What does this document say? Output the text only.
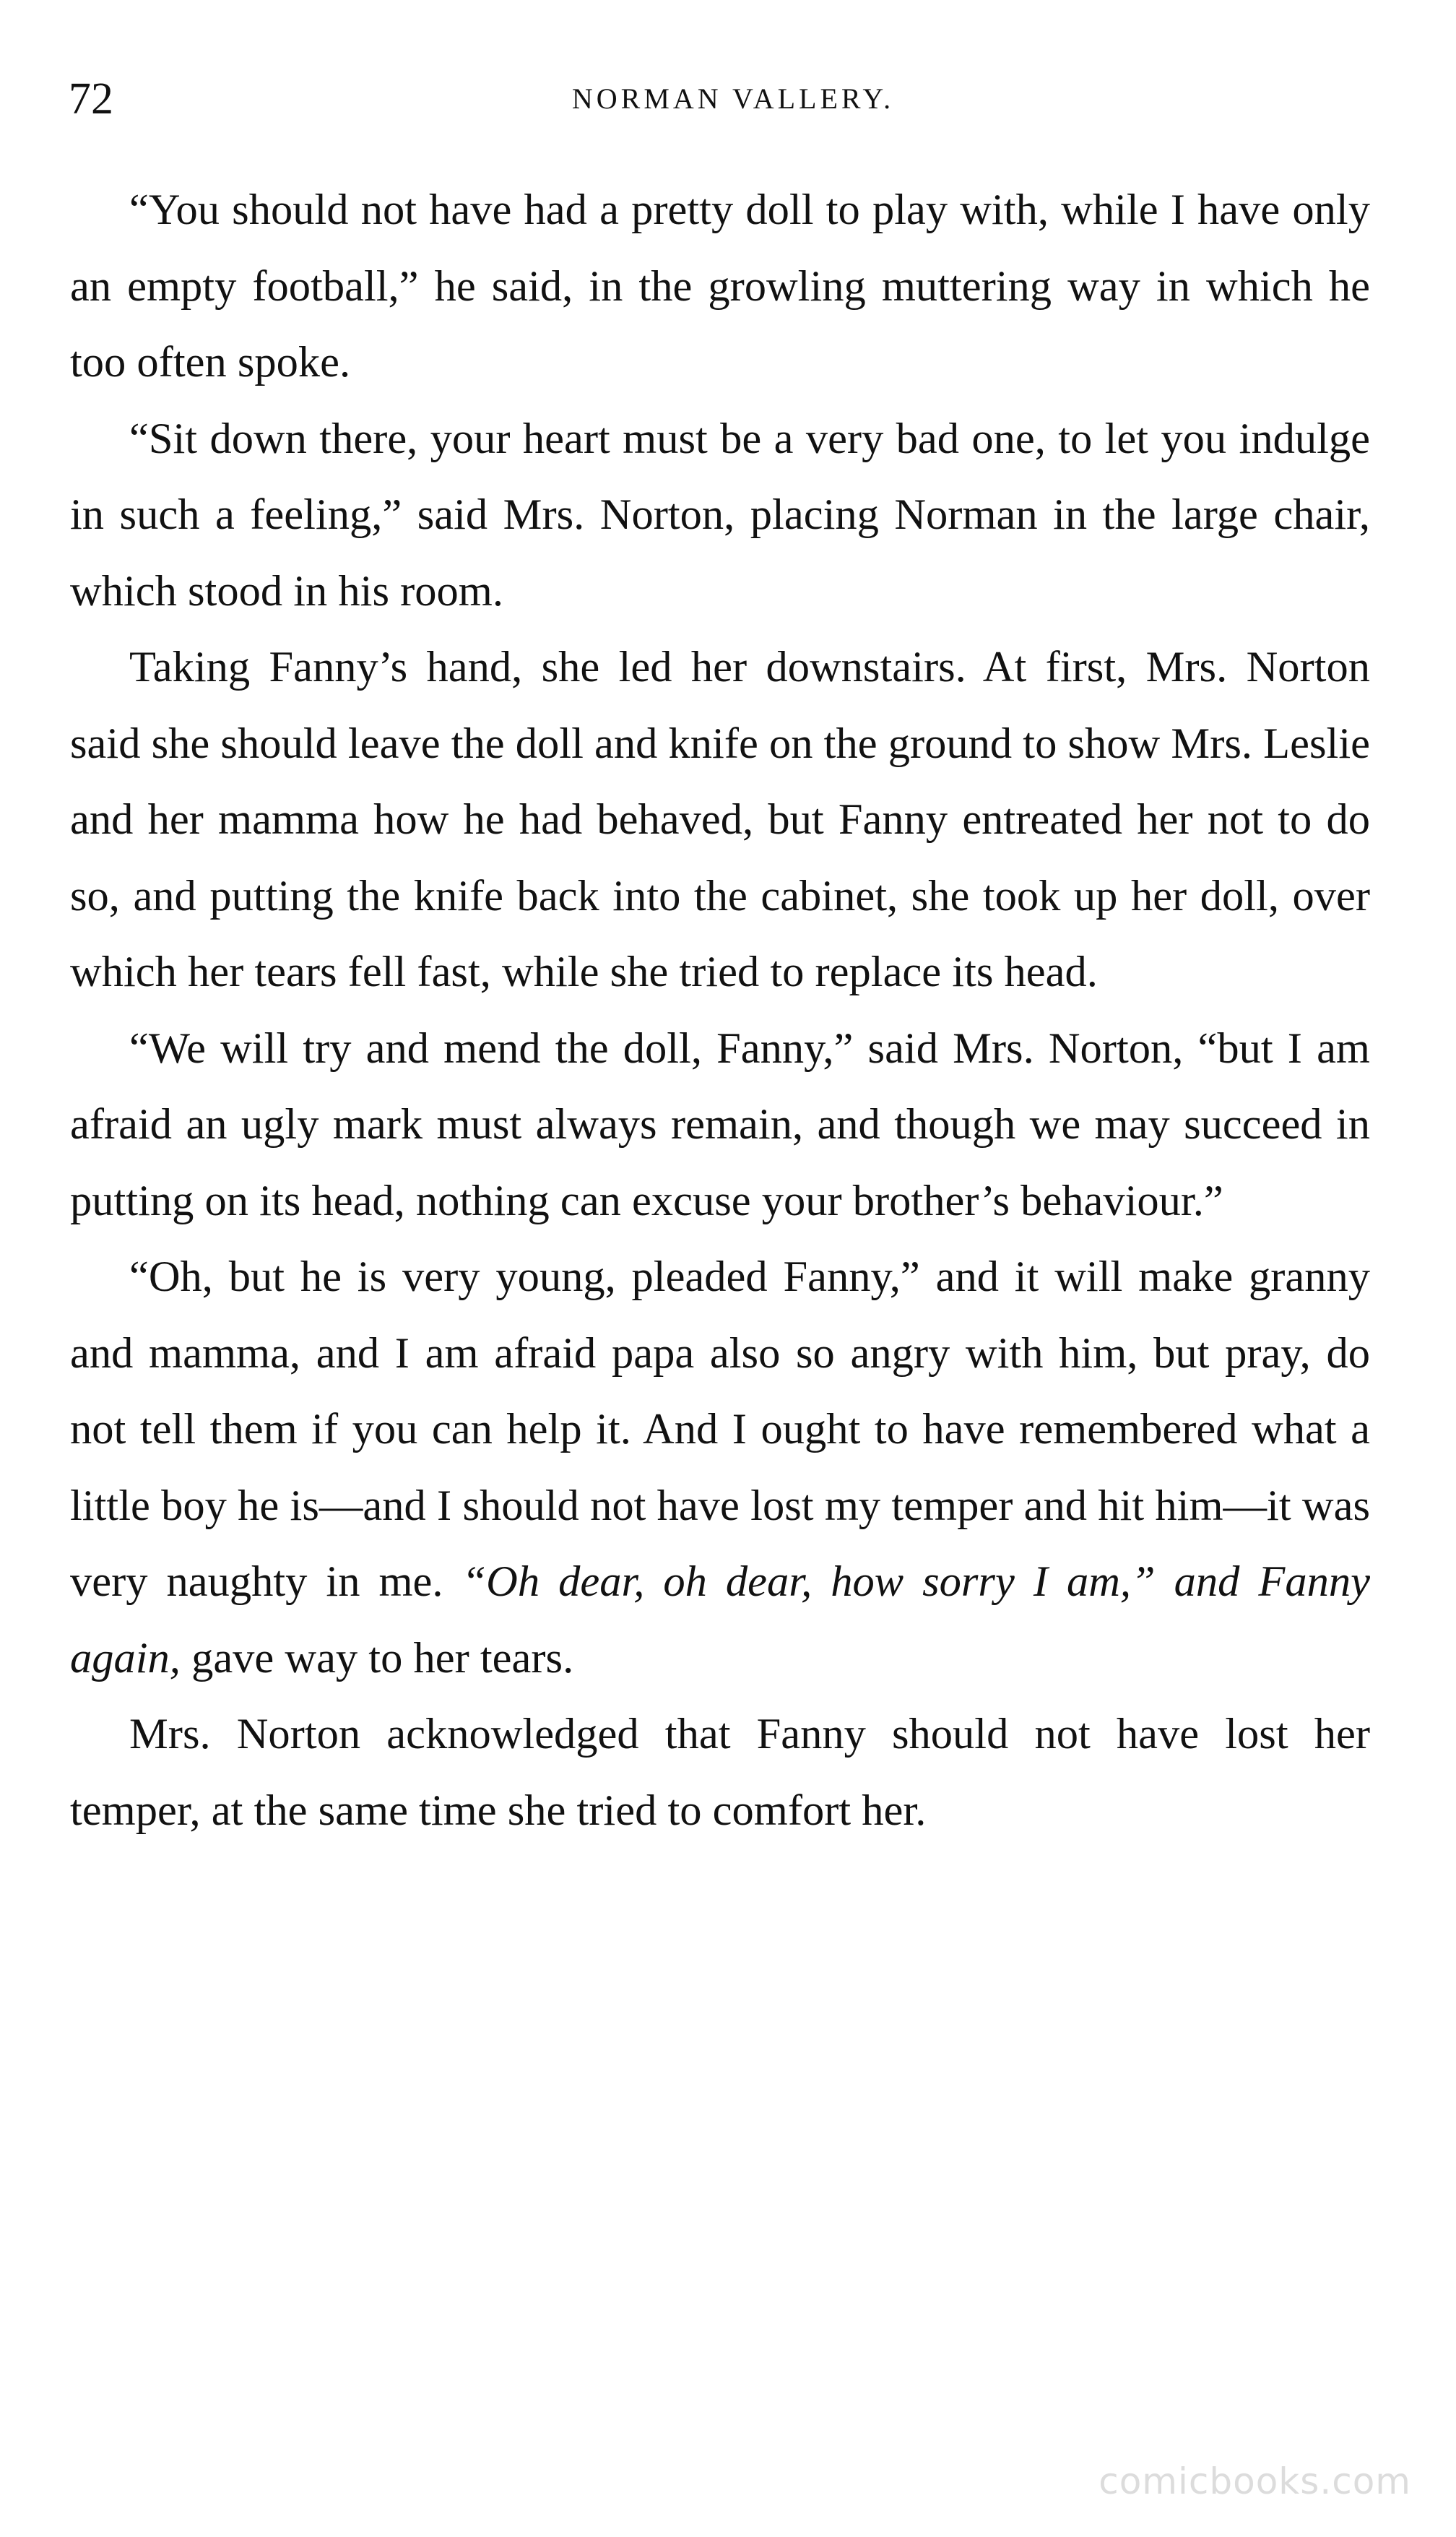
72	NORMAN VALLERY.

“You should not have had a pretty doll to play with, while I have only an empty football,” he said, in the growling muttering way in which he too often spoke.

“Sit down there, your heart must be a very bad one, to let you indulge in such a feeling,” said Mrs. Norton, placing Norman in the large chair, which stood in his room.

Taking Fanny’s hand, she led her downstairs. At first, Mrs. Norton said she should leave the doll and knife on the ground to show Mrs. Leslie and her mamma how he had behaved, but Fanny entreated her not to do so, and putting the knife back into the cabinet, she took up her doll, over which her tears fell fast, while she tried to replace its head.

“We will try and mend the doll, Fanny,” said Mrs. Norton, “but I am afraid an ugly mark must always remain, and though we may succeed in putting on its head, nothing can excuse your brother’s behaviour.”

“Oh, but he is very young, pleaded Fanny,” and it will make granny and mamma, and I am afraid papa also so angry with him, but pray, do not tell them if you can help it. And I ought to have remembered what a little boy he is—and I should not have lost my temper and hit him—it was very naughty in me. “Oh dear, oh dear, how sorry I am,” and Fanny again, gave way to her tears.

Mrs. Norton acknowledged that Fanny should not have lost her temper, at the same time she tried to comfort her.

comicbooks.com
